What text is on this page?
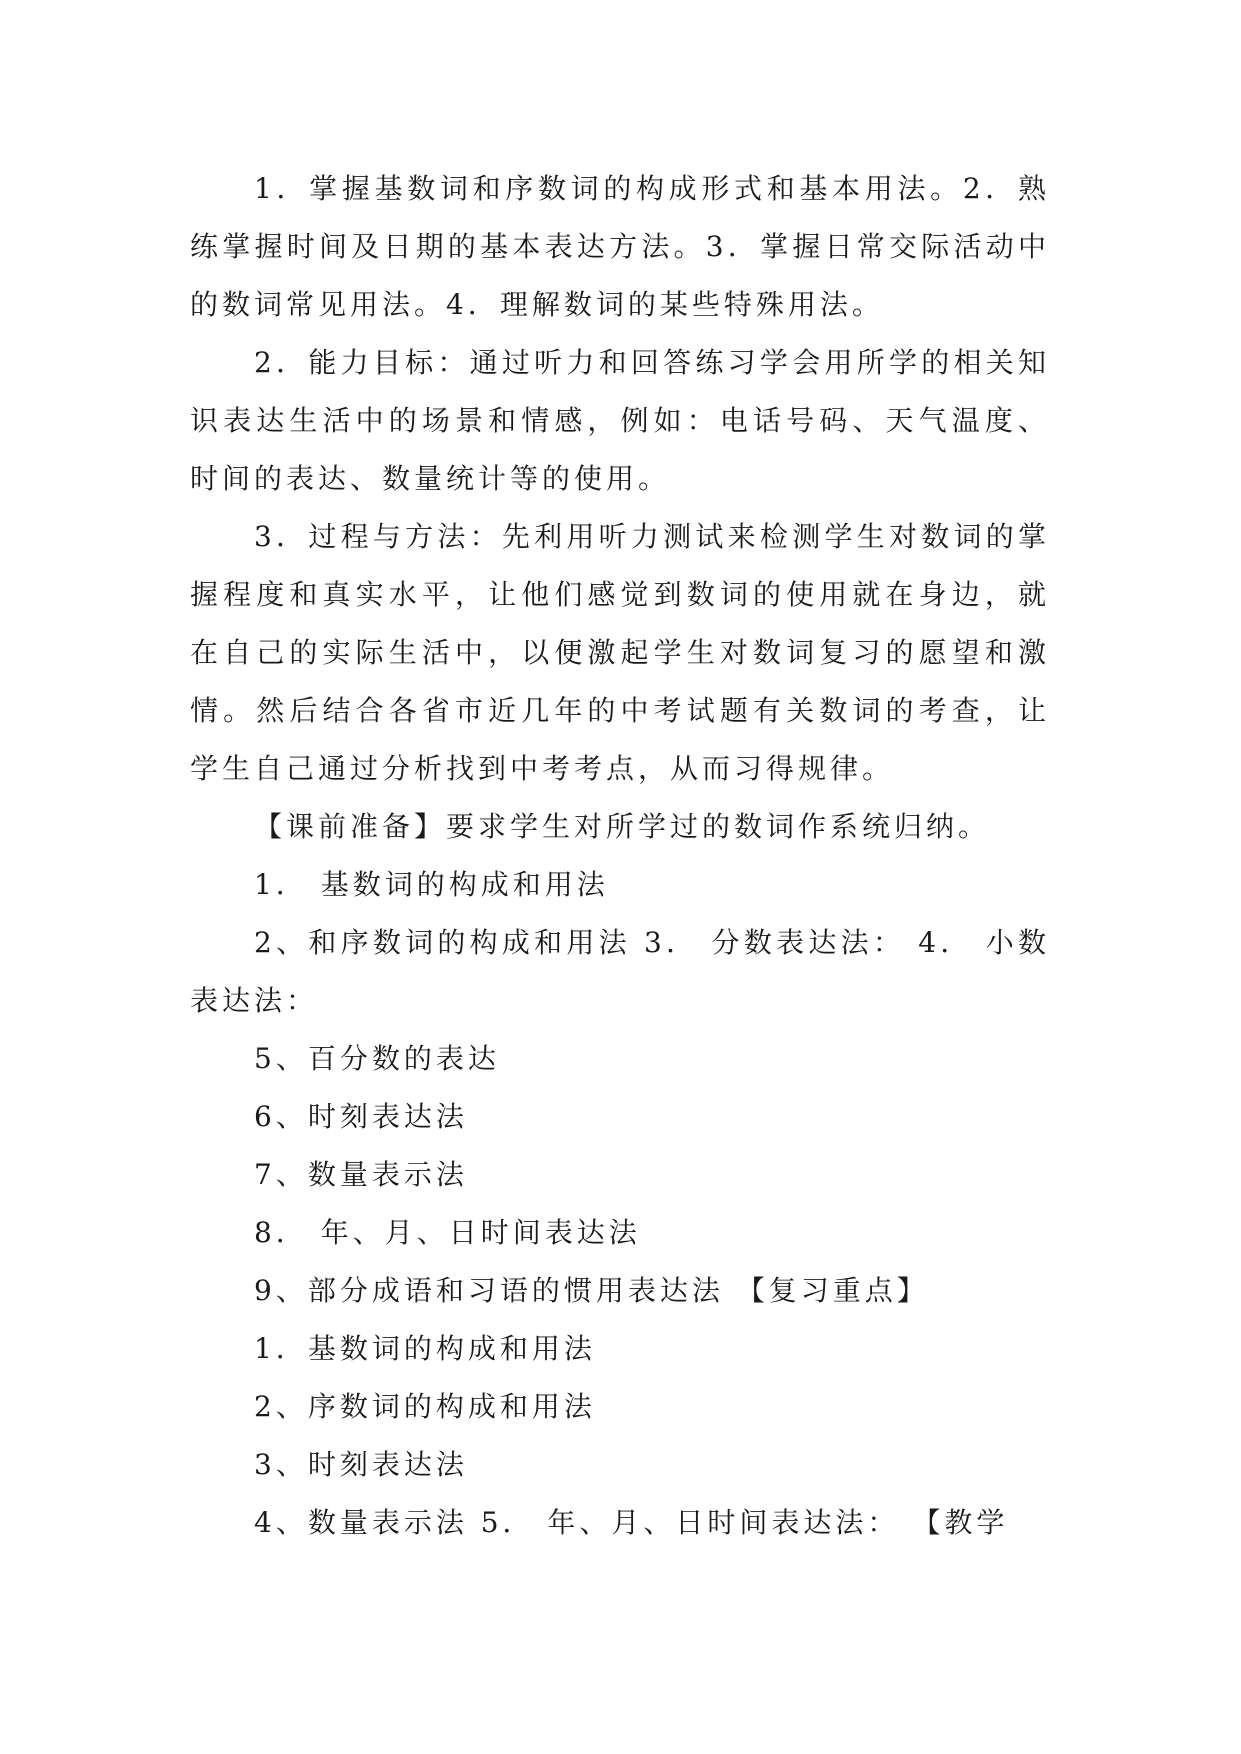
1．掌握基数词和序数词的构成形式和基本用法。2．熟练掌握时间及日期的基本表达方法。3．掌握日常交际活动中的数词常见用法。4．理解数词的某些特殊用法。

2．能力目标：通过听力和回答练习学会用所学的相关知识表达生活中的场景和情感，例如：电话号码、天气温度、时间的表达、数量统计等的使用。

3．过程与方法：先利用听力测试来检测学生对数词的掌握程度和真实水平，让他们感觉到数词的使用就在身边，就在自己的实际生活中，以便激起学生对数词复习的愿望和激情。然后结合各省市近几年的中考试题有关数词的考查，让学生自己通过分析找到中考考点，从而习得规律。

【课前准备】要求学生对所学过的数词作系统归纳。

1． 基数词的构成和用法

2、和序数词的构成和用法 3． 分数表达法： 4． 小数表达法：

5、百分数的表达

6、时刻表达法

7、数量表示法

8． 年、月、日时间表达法

9、部分成语和习语的惯用表达法 【复习重点】

1．基数词的构成和用法

2、序数词的构成和用法

3、时刻表达法

4、数量表示法 5． 年、月、日时间表达法： 【教学
